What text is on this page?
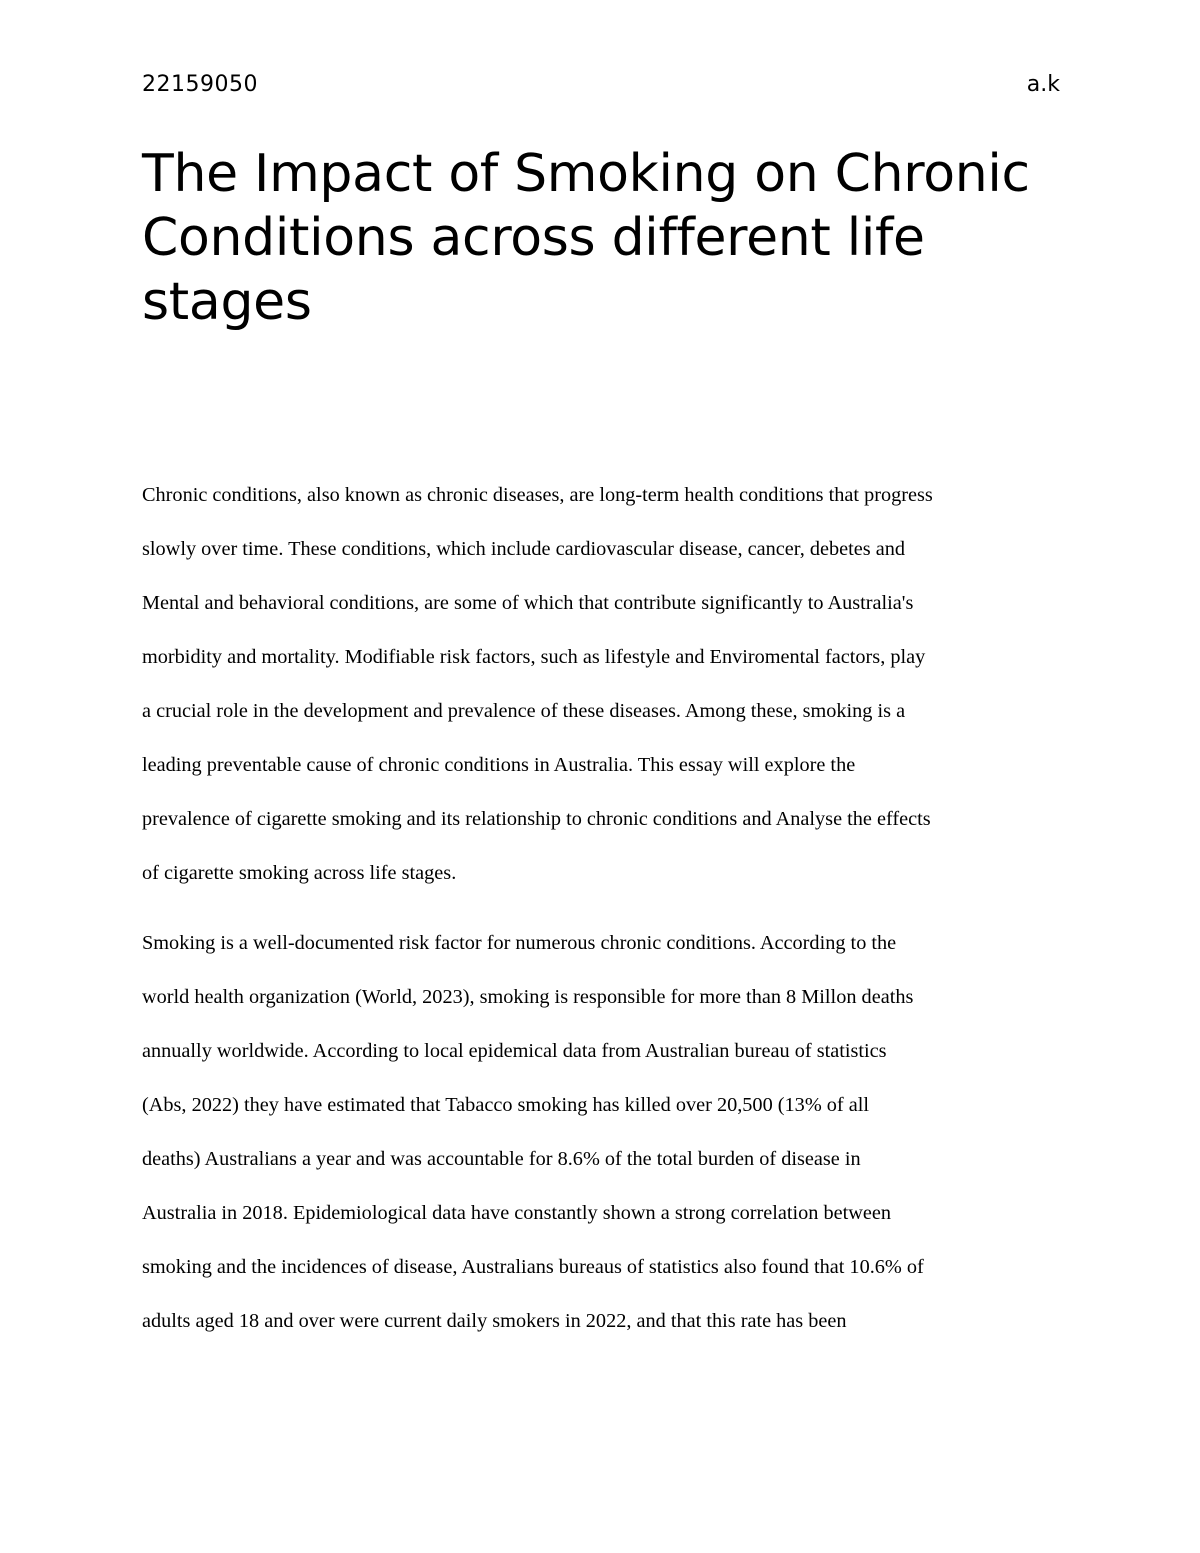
22159050	a.k
The Impact of Smoking on Chronic Conditions across different life stages
Chronic conditions, also known as chronic diseases, are long-term health conditions that progress
slowly over time. These conditions, which include cardiovascular disease, cancer, debetes and
Mental and behavioral conditions, are some of which that contribute significantly to Australia's
morbidity and mortality. Modifiable risk factors, such as lifestyle and Enviromental factors, play
a crucial role in the development and prevalence of these diseases. Among these, smoking is a
leading preventable cause of chronic conditions in Australia. This essay will explore the
prevalence of cigarette smoking and its relationship to chronic conditions and Analyse the effects
of cigarette smoking across life stages.
Smoking is a well-documented risk factor for numerous chronic conditions. According to the
world health organization (World, 2023), smoking is responsible for more than 8 Millon deaths
annually worldwide. According to local epidemical data from Australian bureau of statistics
(Abs, 2022) they have estimated that Tabacco smoking has killed over 20,500 (13% of all
deaths) Australians a year and was accountable for 8.6% of the total burden of disease in
Australia in 2018. Epidemiological data have constantly shown a strong correlation between
smoking and the incidences of disease, Australians bureaus of statistics also found that 10.6% of
adults aged 18 and over were current daily smokers in 2022, and that this rate has been
